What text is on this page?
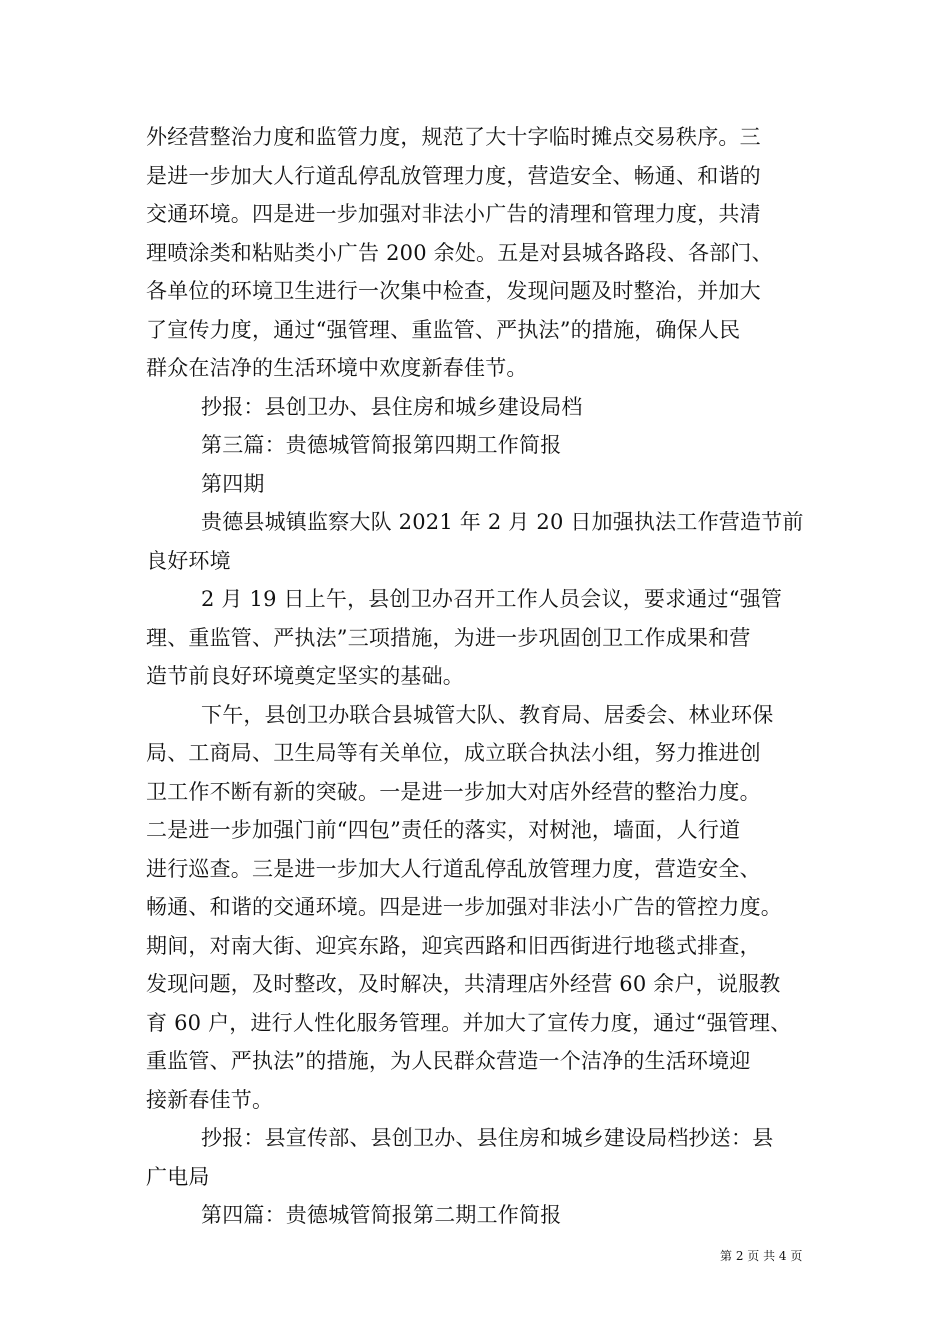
外经营整治力度和监管力度，规范了大十字临时摊点交易秩序。三
是进一步加大人行道乱停乱放管理力度，营造安全、畅通、和谐的
交通环境。四是进一步加强对非法小广告的清理和管理力度，共清
理喷涂类和粘贴类小广告 200 余处。五是对县城各路段、各部门、
各单位的环境卫生进行一次集中检查，发现问题及时整治，并加大
了宣传力度，通过“强管理、重监管、严执法”的措施，确保人民
群众在洁净的生活环境中欢度新春佳节。
抄报：县创卫办、县住房和城乡建设局档
第三篇：贵德城管简报第四期工作简报
第四期
贵德县城镇监察大队 2021 年 2 月 20 日加强执法工作营造节前
良好环境
2 月 19 日上午，县创卫办召开工作人员会议，要求通过“强管
理、重监管、严执法”三项措施，为进一步巩固创卫工作成果和营
造节前良好环境奠定坚实的基础。
下午，县创卫办联合县城管大队、教育局、居委会、林业环保
局、工商局、卫生局等有关单位，成立联合执法小组，努力推进创
卫工作不断有新的突破。一是进一步加大对店外经营的整治力度。
二是进一步加强门前“四包”责任的落实，对树池，墙面，人行道
进行巡查。三是进一步加大人行道乱停乱放管理力度，营造安全、
畅通、和谐的交通环境。四是进一步加强对非法小广告的管控力度。
期间，对南大街、迎宾东路，迎宾西路和旧西街进行地毯式排查，
发现问题，及时整改，及时解决，共清理店外经营 60 余户，说服教
育 60 户，进行人性化服务管理。并加大了宣传力度，通过“强管理、
重监管、严执法”的措施，为人民群众营造一个洁净的生活环境迎
接新春佳节。
抄报：县宣传部、县创卫办、县住房和城乡建设局档抄送：县
广电局
第四篇：贵德城管简报第二期工作简报
第 2 页 共 4 页
